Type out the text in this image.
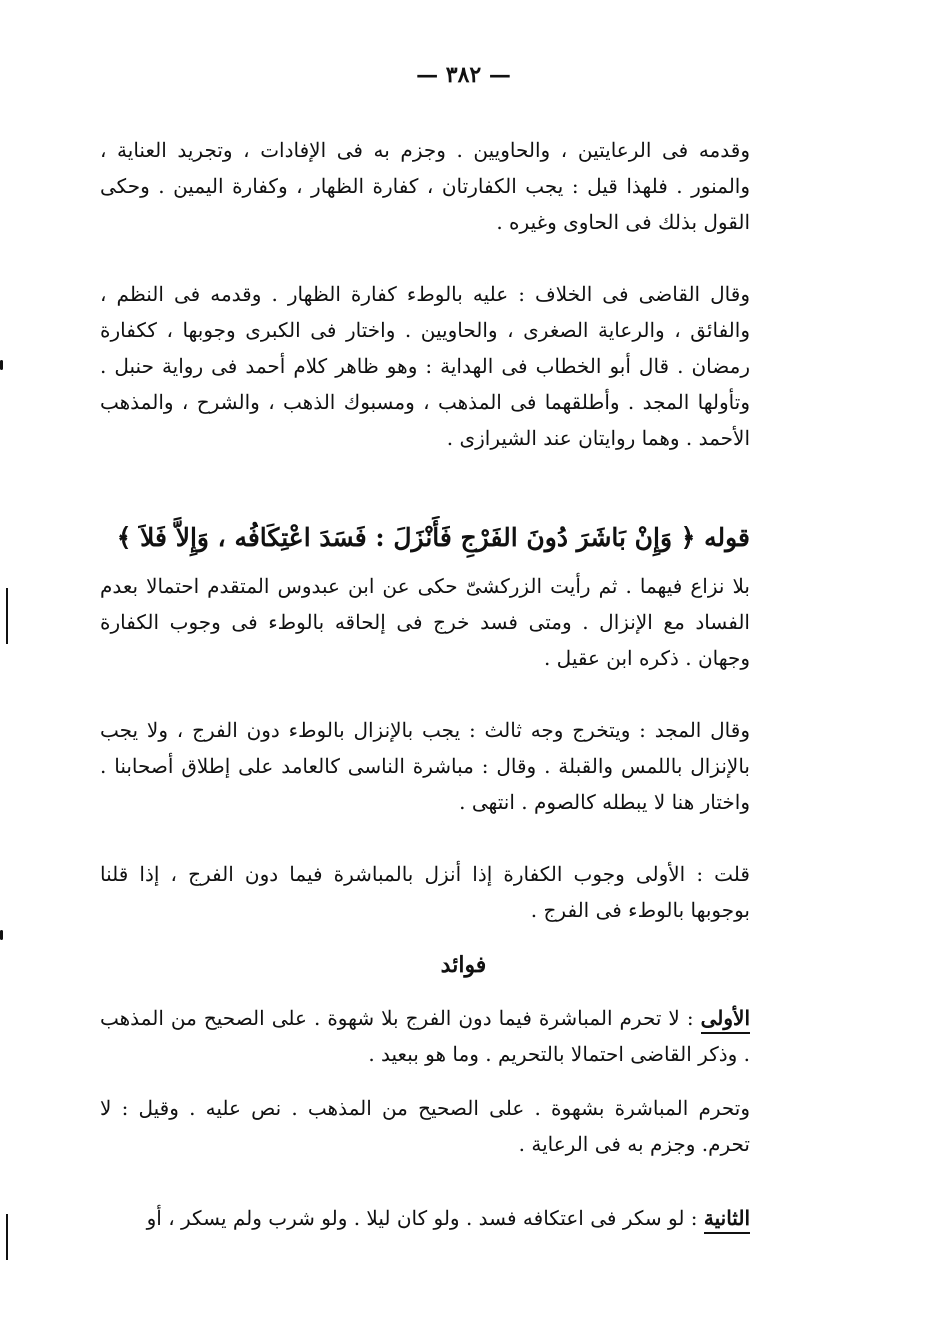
— ٣٨٢ —

وقدمه فى الرعايتين ، والحاويين . وجزم به فى الإفادات ، وتجريد العناية ، والمنور . فلهذا قيل : يجب الكفارتان ، كفارة الظهار ، وكفارة اليمين . وحكى القول بذلك فى الحاوى وغيره .

وقال القاضى فى الخلاف : عليه بالوطء كفارة الظهار . وقدمه فى النظم ، والفائق ، والرعاية الصغرى ، والحاويين . واختار فى الكبرى وجوبها ، ككفارة رمضان . قال أبو الخطاب فى الهداية : وهو ظاهر كلام أحمد فى رواية حنبل . وتأولها المجد . وأطلقهما فى المذهب ، ومسبوك الذهب ، والشرح ، والمذهب الأحمد . وهما روايتان عند الشيرازى .

قوله ﴿ وَإِنْ بَاشَرَ دُونَ الفَرْجِ فَأَنْزَلَ : فَسَدَ اعْتِكَافُه ، وَإِلاَّ فَلاَ ﴾

بلا نزاع فيهما . ثم رأيت الزركشىّ حكى عن ابن عبدوس المتقدم احتمالا بعدم الفساد مع الإنزال . ومتى فسد خرج فى إلحاقه بالوطء فى وجوب الكفارة وجهان . ذكره ابن عقيل .

وقال المجد : ويتخرج وجه ثالث : يجب بالإنزال بالوطء دون الفرج ، ولا يجب بالإنزال باللمس والقبلة . وقال : مباشرة الناسى كالعامد على إطلاق أصحابنا . واختار هنا لا يبطله كالصوم . انتهى .

قلت : الأولى وجوب الكفارة إذا أنزل بالمباشرة فيما دون الفرج ، إذا قلنا بوجوبها بالوطء فى الفرج .

فوائد

الأولى : لا تحرم المباشرة فيما دون الفرج بلا شهوة . على الصحيح من المذهب . وذكر القاضى احتمالا بالتحريم . وما هو ببعيد .

وتحرم المباشرة بشهوة . على الصحيح من المذهب . نص عليه . وقيل : لا تحرم. وجزم به فى الرعاية .

الثانية : لو سكر فى اعتكافه فسد . ولو كان ليلا . ولو شرب ولم يسكر ، أو
